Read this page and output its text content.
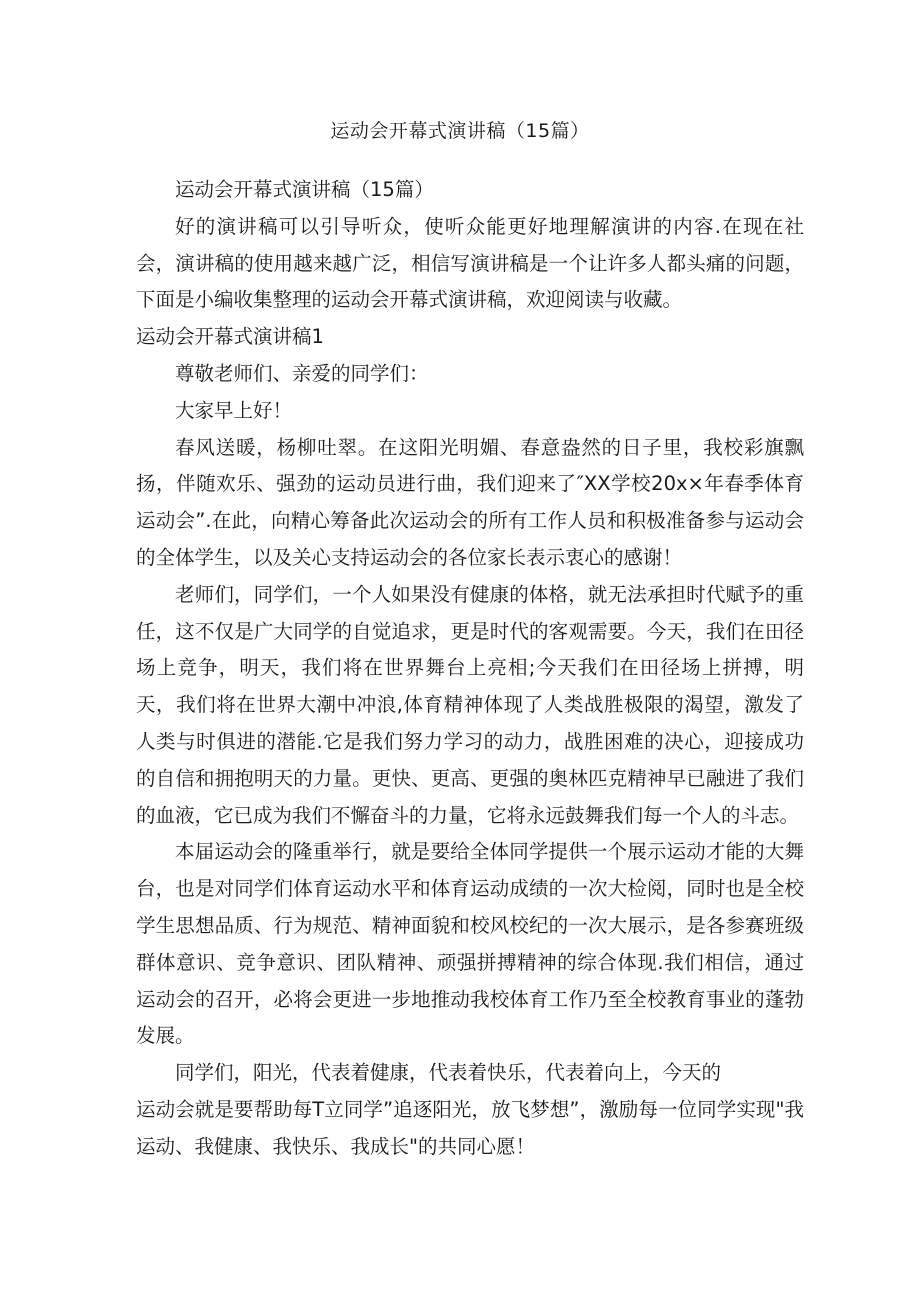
运动会开幕式演讲稿（15篇）

运动会开幕式演讲稿（15篇）

好的演讲稿可以引导听众，使听众能更好地理解演讲的内容.在现在社会，演讲稿的使用越来越广泛，相信写演讲稿是一个让许多人都头痛的问题，下面是小编收集整理的运动会开幕式演讲稿，欢迎阅读与收藏。

运动会开幕式演讲稿1

尊敬老师们、亲爱的同学们：

大家早上好！

春风送暖，杨柳吐翠。在这阳光明媚、春意盎然的日子里，我校彩旗飘扬，伴随欢乐、强劲的运动员进行曲，我们迎来了″XX学校20x×年春季体育运动会”.在此，向精心筹备此次运动会的所有工作人员和积极准备参与运动会的全体学生，以及关心支持运动会的各位家长表示衷心的感谢！

老师们，同学们，一个人如果没有健康的体格，就无法承担时代赋予的重任，这不仅是广大同学的自觉追求，更是时代的客观需要。今天，我们在田径场上竞争，明天，我们将在世界舞台上亮相;今天我们在田径场上拼搏，明天，我们将在世界大潮中冲浪,体育精神体现了人类战胜极限的渴望，激发了人类与时俱进的潜能.它是我们努力学习的动力，战胜困难的决心，迎接成功的自信和拥抱明天的力量。更快、更高、更强的奥林匹克精神早已融进了我们的血液，它已成为我们不懈奋斗的力量，它将永远鼓舞我们每一个人的斗志。

本届运动会的隆重举行，就是要给全体同学提供一个展示运动才能的大舞台，也是对同学们体育运动水平和体育运动成绩的一次大检阅，同时也是全校学生思想品质、行为规范、精神面貌和校风校纪的一次大展示，是各参赛班级群体意识、竞争意识、团队精神、顽强拼搏精神的综合体现.我们相信，通过运动会的召开，必将会更进一步地推动我校体育工作乃至全校教育事业的蓬勃发展。

同学们，阳光，代表着健康，代表着快乐，代表着向上，今天的

运动会就是要帮助每T立同学”追逐阳光，放飞梦想”，激励每一位同学实现"我运动、我健康、我快乐、我成长"的共同心愿！
